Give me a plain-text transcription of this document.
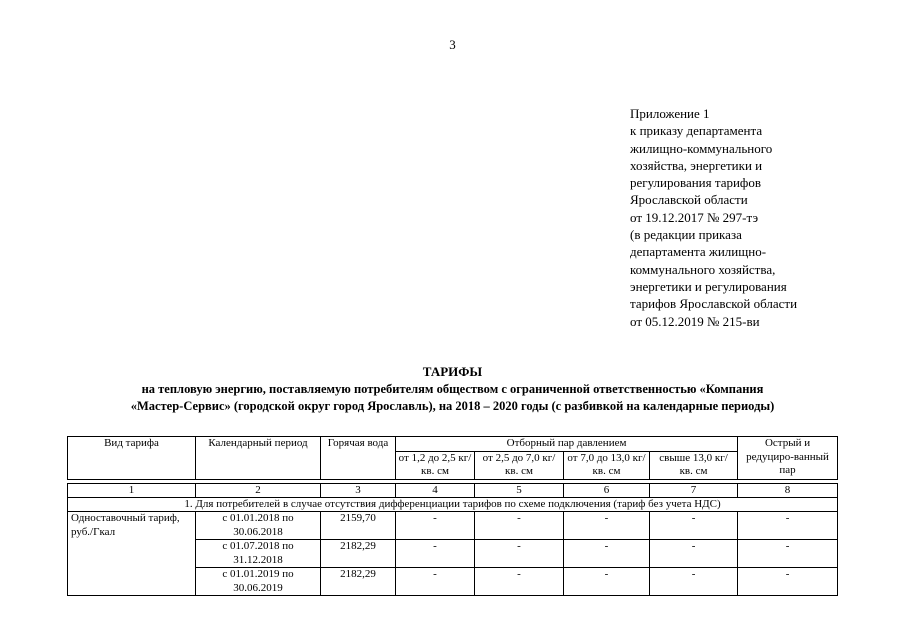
3
Приложение 1
к приказу департамента
жилищно-коммунального
хозяйства, энергетики и
регулирования тарифов
Ярославской области
от 19.12.2017 № 297-тэ
(в редакции приказа
департамента жилищно-
коммунального хозяйства,
энергетики и регулирования
тарифов Ярославской области
от 05.12.2019 № 215-ви
ТАРИФЫ
на тепловую энергию, поставляемую потребителям обществом с ограниченной ответственностью «Компания
«Мастер-Сервис» (городской округ город Ярославль), на 2018 – 2020 годы (с разбивкой на календарные периоды)
Вид тарифа	Календарный период	Горячая вода	Отборный пар давлением				Острый и редуциро-ванный пар
			от 1,2 до 2,5 кг/ кв. см	от 2,5 до 7,0 кг/ кв. см	от 7,0 до 13,0 кг/ кв. см	свыше 13,0 кг/ кв. см	

1	2	3	4	5	6	7	8
1. Для потребителей в случае отсутствия дифференциации тарифов по схеме подключения (тариф без учета НДС)							
Одноставочный тариф, руб./Гкал	с 01.01.2018 по 30.06.2018	2159,70	-	-	-	-	-
	с 01.07.2018 по 31.12.2018	2182,29	-	-	-	-	-
	с 01.01.2019 по 30.06.2019	2182,29	-	-	-	-	-
